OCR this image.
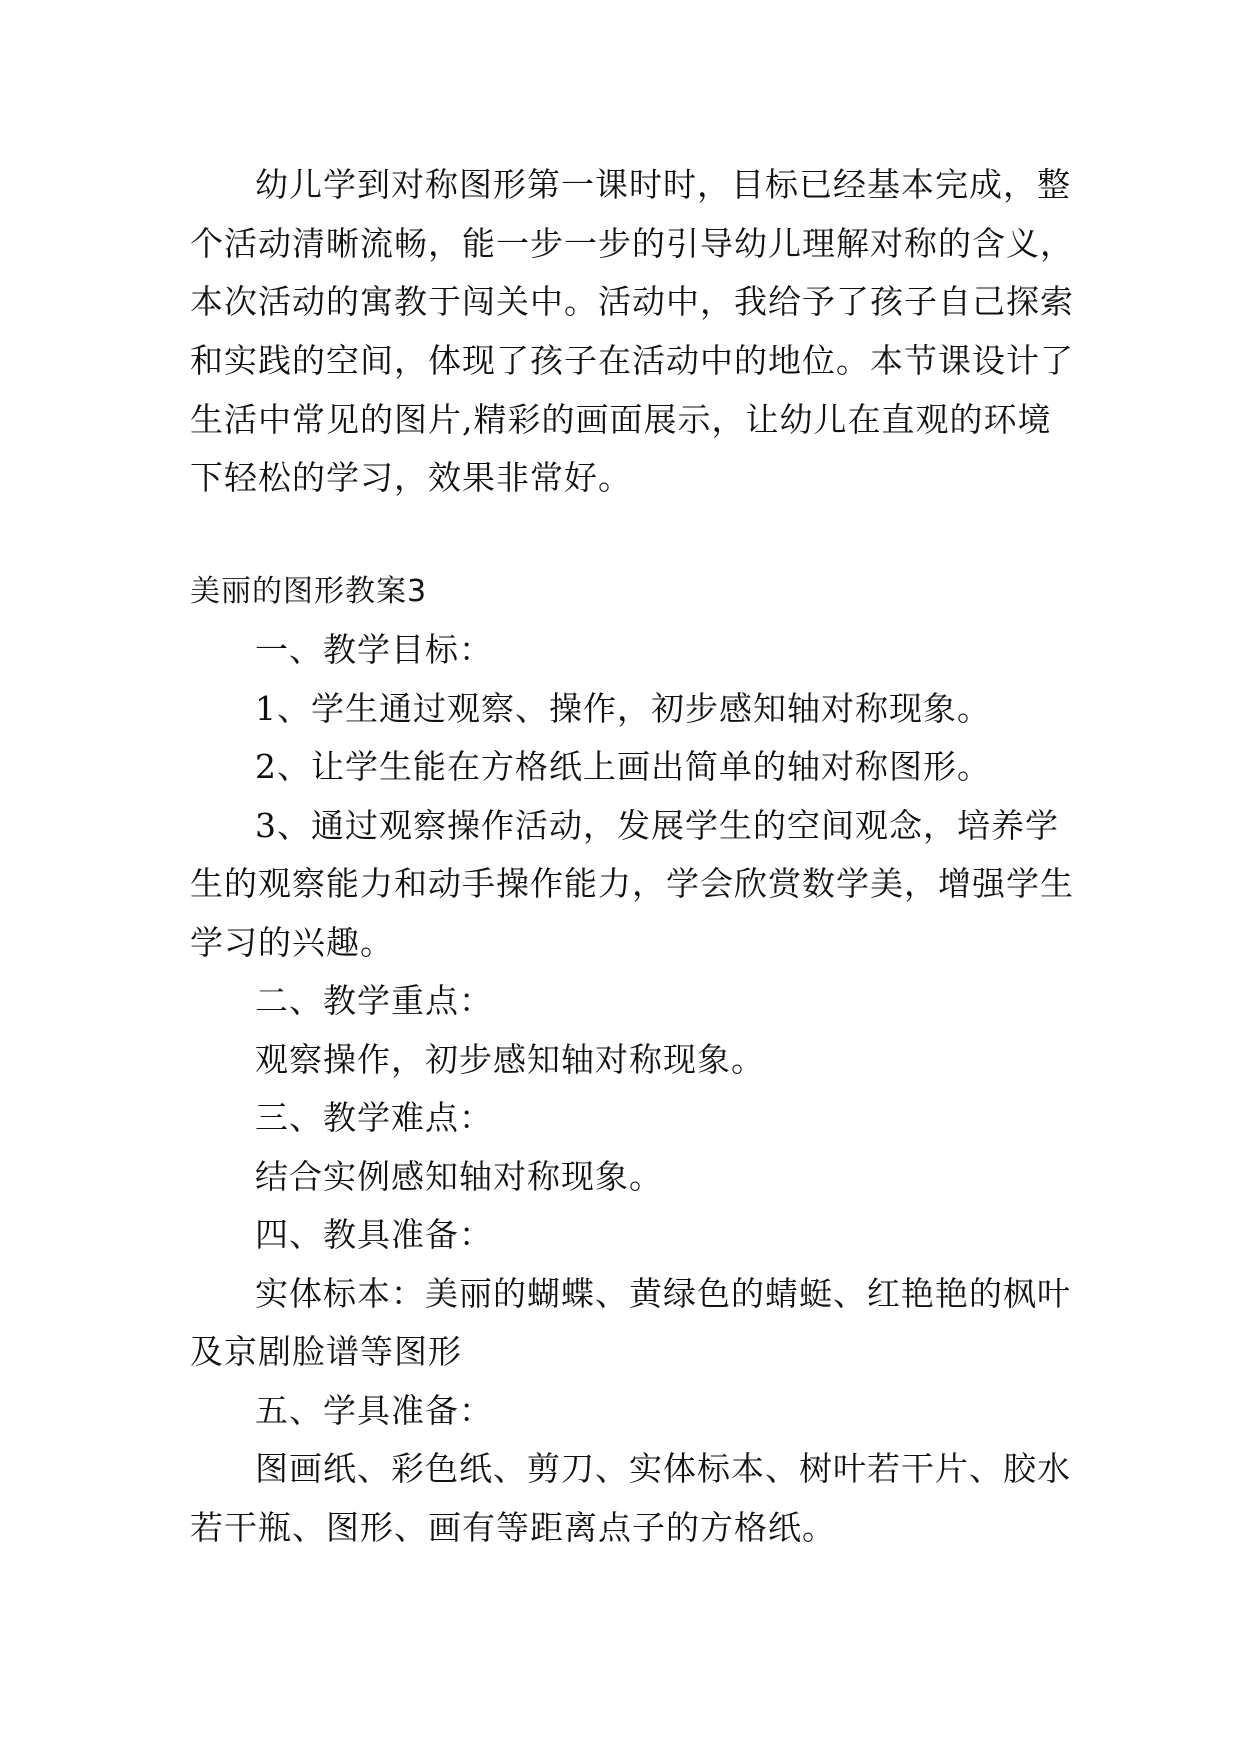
幼儿学到对称图形第一课时时，目标已经基本完成，整
个活动清晰流畅，能一步一步的引导幼儿理解对称的含义，
本次活动的寓教于闯关中。活动中，我给予了孩子自己探索
和实践的空间，体现了孩子在活动中的地位。本节课设计了
生活中常见的图片,精彩的画面展示，让幼儿在直观的环境
下轻松的学习，效果非常好。
美丽的图形教案3
一、教学目标：
1、学生通过观察、操作，初步感知轴对称现象。
2、让学生能在方格纸上画出简单的轴对称图形。
3、通过观察操作活动，发展学生的空间观念，培养学
生的观察能力和动手操作能力，学会欣赏数学美，增强学生
学习的兴趣。
二、教学重点：
观察操作，初步感知轴对称现象。
三、教学难点：
结合实例感知轴对称现象。
四、教具准备：
实体标本：美丽的蝴蝶、黄绿色的蜻蜓、红艳艳的枫叶
及京剧脸谱等图形
五、学具准备：
图画纸、彩色纸、剪刀、实体标本、树叶若干片、胶水
若干瓶、图形、画有等距离点子的方格纸。
